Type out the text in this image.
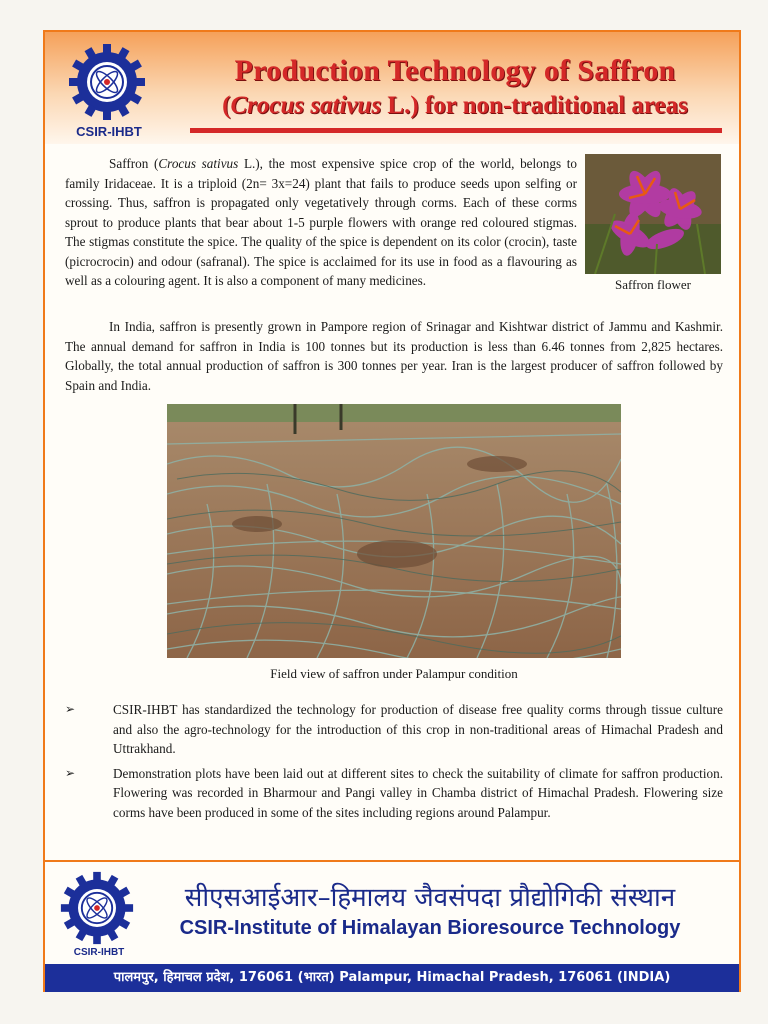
CSIR-IHBT
Production Technology of Saffron
(Crocus sativus L.) for non-traditional areas

Saffron (Crocus sativus L.), the most expensive spice crop of the world, belongs to family Iridaceae. It is a triploid (2n= 3x=24) plant that fails to produce seeds upon selfing or crossing. Thus, saffron is propagated only vegetatively through corms. Each of these corms sprout to produce plants that bear about 1-5 purple flowers with orange red coloured stigmas. The stigmas constitute the spice. The quality of the spice is dependent on its color (crocin), taste (picrocrocin) and odour (safranal). The spice is acclaimed for its use in food as a flavouring as well as a colouring agent. It is also a component of many medicines.	Saffron flower

In India, saffron is presently grown in Pampore region of Srinagar and Kishtwar district of Jammu and Kashmir. The annual demand for saffron in India is 100 tonnes but its production is less than 6.46 tonnes from 2,825 hectares. Globally, the total annual production of saffron is 300 tonnes per year. Iran is the largest producer of saffron followed by Spain and India.

Field view of saffron under Palampur condition
➢	CSIR-IHBT has standardized the technology for production of disease free quality corms through tissue culture and also the agro-technology for the introduction of this crop in non-traditional areas of Himachal Pradesh and Uttrakhand.
➢	Demonstration plots have been laid out at different sites to check the suitability of climate for saffron production. Flowering was recorded in Bharmour and Pangi valley in Chamba district of Himachal Pradesh. Flowering size corms have been produced in some of the sites including regions around Palampur.
CSIR-IHBT
सीएसआईआर–हिमालय जैवसंपदा प्रौद्योगिकी संस्थान
CSIR-Institute of Himalayan Bioresource Technology
पालमपुर, हिमाचल प्रदेश, 176061 (भारत) Palampur, Himachal Pradesh, 176061 (INDIA)
